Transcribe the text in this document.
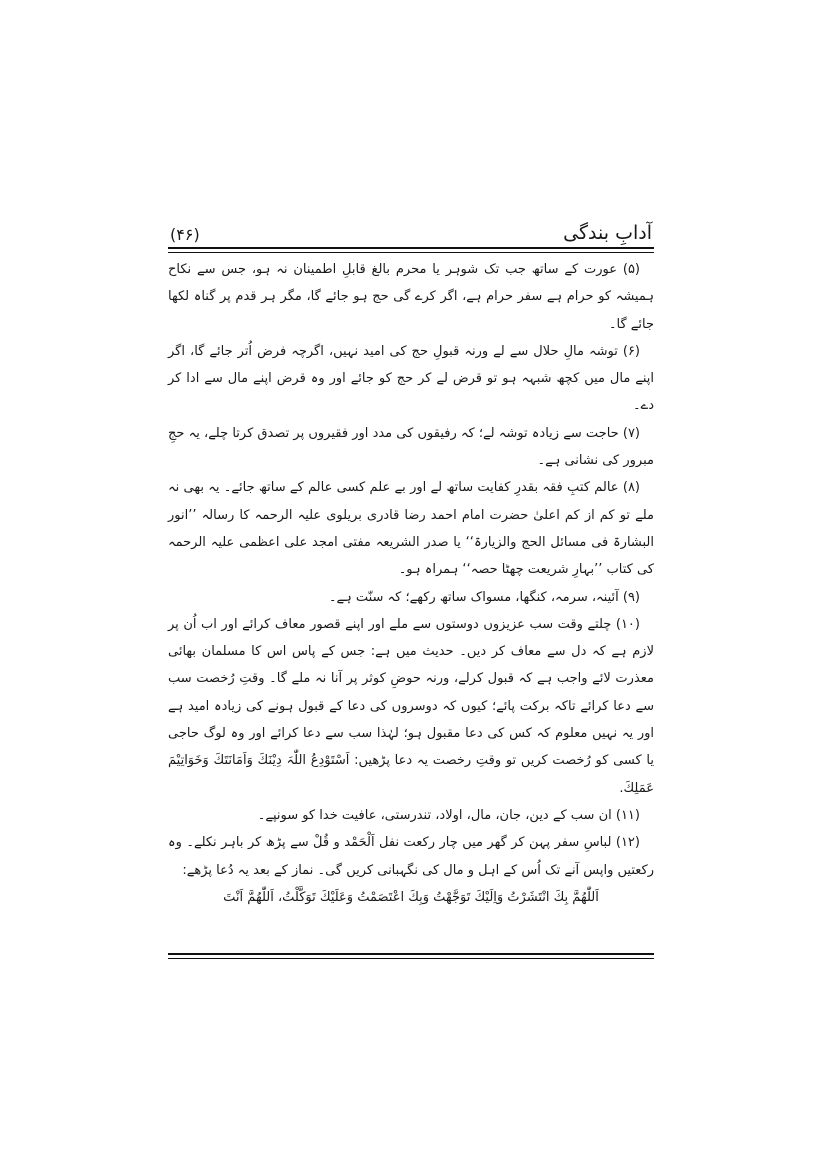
(۴۶)	آدابِ بندگی

(۵) عورت کے ساتھ جب تک شوہر یا محرم بالغ قابلِ اطمینان نہ ہو، جس سے نکاح ہمیشہ کو حرام ہے سفر حرام ہے، اگر کرے گی حج ہو جائے گا، مگر ہر قدم پر گناہ لکھا جائے گا۔

(۶) توشہ مالِ حلال سے لے ورنہ قبولِ حج کی امید نہیں، اگرچہ فرض اُتر جائے گا، اگر اپنے مال میں کچھ شبہہ ہو تو قرض لے کر حج کو جائے اور وہ قرض اپنے مال سے ادا کر دے۔

(۷) حاجت سے زیادہ توشہ لے؛ کہ رفیقوں کی مدد اور فقیروں پر تصدق کرتا چلے، یہ حجِ مبرور کی نشانی ہے۔

(۸) عالم کتبِ فقہ بقدرِ کفایت ساتھ لے اور بے علم کسی عالم کے ساتھ جائے۔ یہ بھی نہ ملے تو کم از کم اعلیٰ حضرت امام احمد رضا قادری بریلوی علیہ الرحمہ کا رسالہ ’’انور البشارۃ فی مسائل الحج والزیارۃ‘‘ یا صدر الشریعہ مفتی امجد علی اعظمی علیہ الرحمہ کی کتاب ’’بہارِ شریعت چھٹا حصہ‘‘ ہمراہ ہو۔

(۹) آئینہ، سرمہ، کنگھا، مسواک ساتھ رکھے؛ کہ سنّت ہے۔

(۱۰) چلتے وقت سب عزیزوں دوستوں سے ملے اور اپنے قصور معاف کرائے اور اب اُن پر لازم ہے کہ دل سے معاف کر دیں۔ حدیث میں ہے: جس کے پاس اس کا مسلمان بھائی معذرت لائے واجب ہے کہ قبول کرلے، ورنہ حوضِ کوثر پر آنا نہ ملے گا۔ وقتِ رُخصت سب سے دعا کرائے تاکہ برکت پائے؛ کیوں کہ دوسروں کی دعا کے قبول ہونے کی زیادہ امید ہے اور یہ نہیں معلوم کہ کس کی دعا مقبول ہو؛ لہٰذا سب سے دعا کرائے اور وہ لوگ حاجی یا کسی کو رُخصت کریں تو وقتِ رخصت یہ دعا پڑھیں: اَسْتَوْدِعُ اللّٰہَ دِیْنَكَ وَاَمَانَتَكَ وَخَوَاتِیْمَ عَمَلِكَ.

(۱۱) ان سب کے دین، جان، مال، اولاد، تندرستی، عافیت خدا کو سونپے۔

(۱۲) لباسِ سفر پہن کر گھر میں چار رکعت نفل اَلْحَمْد و قُلْ سے پڑھ کر باہر نکلے۔ وہ رکعتیں واپس آنے تک اُس کے اہل و مال کی نگہبانی کریں گی۔ نماز کے بعد یہ دُعا پڑھے:

اَللّٰھُمَّ بِكَ انْتَشَرْتُ وَاِلَیْكَ تَوَجَّھْتُ وَبِكَ اعْتَصَمْتُ وَعَلَیْكَ تَوَكَّلْتُ، اَللّٰھُمَّ اَنْتَ
